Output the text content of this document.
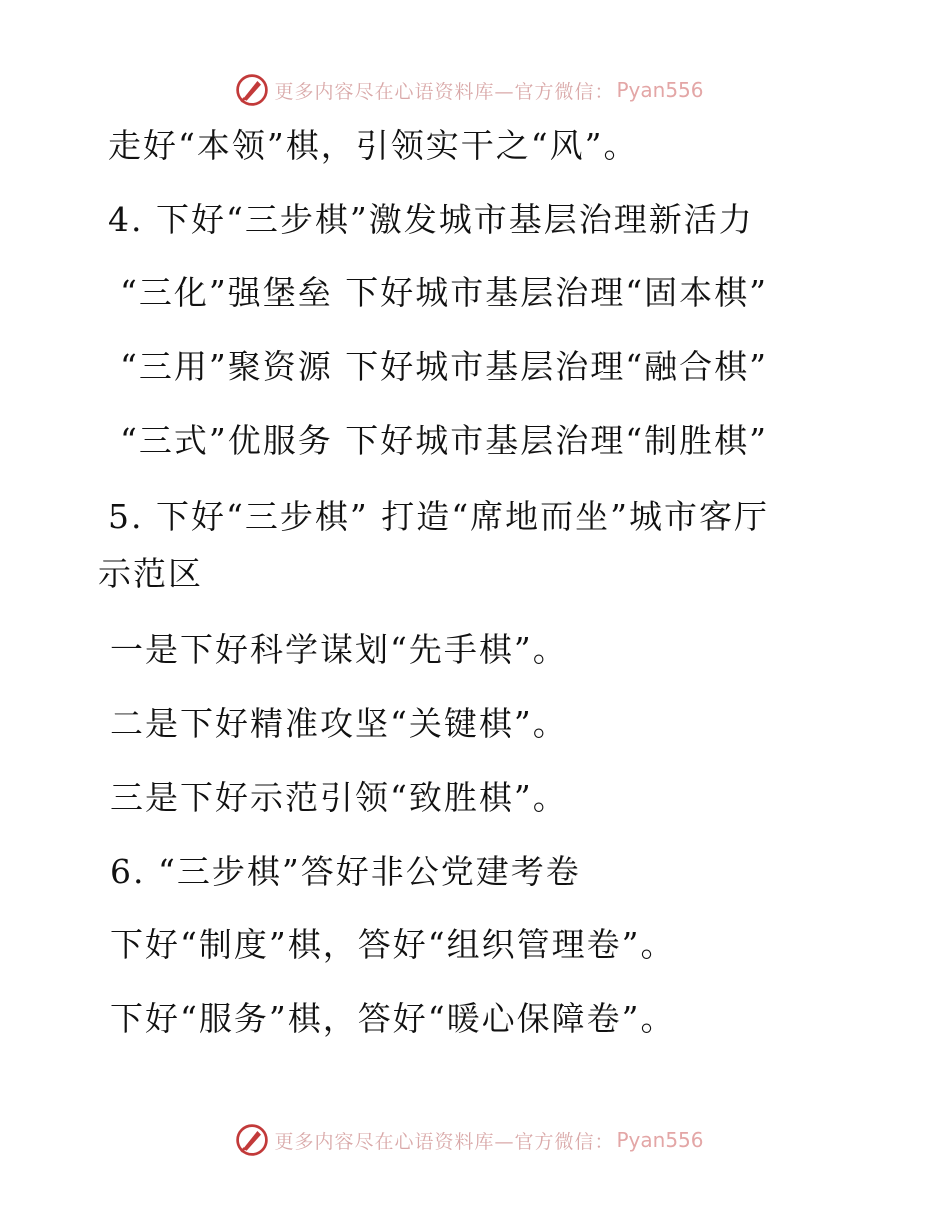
更多内容尽在心语资料库—官方微信： Pyan556
走好“本领”棋，引领实干之“风”。
4. 下好“三步棋”激发城市基层治理新活力
“三化”强堡垒 下好城市基层治理“固本棋”
“三用”聚资源 下好城市基层治理“融合棋”
“三式”优服务 下好城市基层治理“制胜棋”
5. 下好“三步棋” 打造“席地而坐”城市客厅
示范区
一是下好科学谋划“先手棋”。
二是下好精准攻坚“关键棋”。
三是下好示范引领“致胜棋”。
6. “三步棋”答好非公党建考卷
下好“制度”棋，答好“组织管理卷”。
下好“服务”棋，答好“暖心保障卷”。
更多内容尽在心语资料库—官方微信： Pyan556
